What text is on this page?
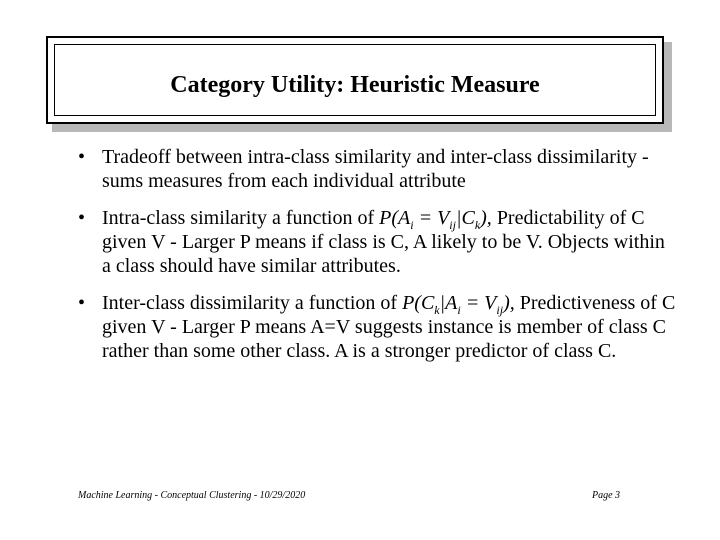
Category Utility: Heuristic Measure
• Tradeoff between intra-class similarity and inter-class dissimilarity - sums measures from each individual attribute
• Intra-class similarity a function of $P(A_i = V_{ij}|C_k)$, Predictability of C given V - Larger P means if class is C, A likely to be V. Objects within a class should have similar attributes.
• Inter-class dissimilarity a function of $P(C_k|A_i = V_{ij})$, Predictiveness of C given V - Larger P means A=V suggests instance is member of class C rather than some other class. A is a stronger predictor of class C.
Machine Learning - Conceptual Clustering - 10/29/2020	Page 3
